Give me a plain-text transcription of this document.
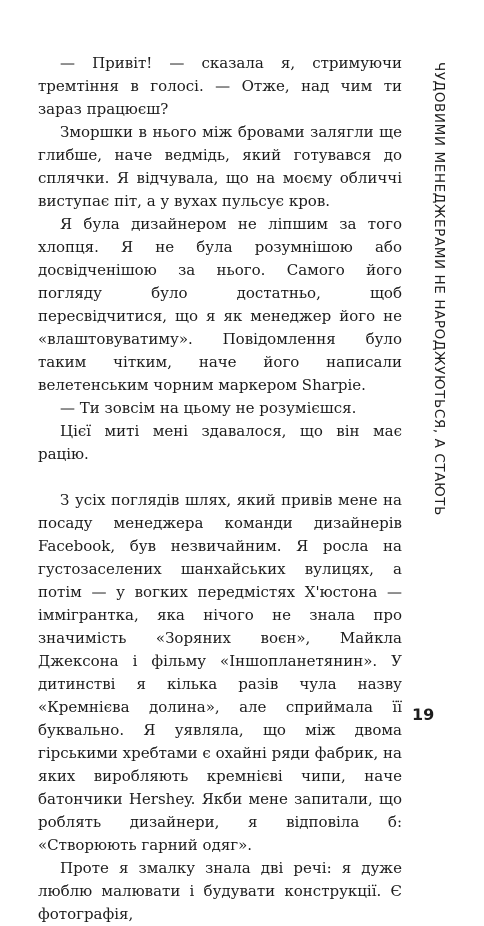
— Привіт! — сказала я, стримуючи тремтіння в голосі. — Отже, над чим ти зараз працюєш?

Зморшки в нього між бровами залягли ще глибше, наче ведмідь, який готувався до сплячки. Я відчувала, що на моєму обличчі виступає піт, а у вухах пульсує кров.

Я була дизайнером не ліпшим за того хлопця. Я не була розумнішою або досвідченішою за нього. Самого його погляду було достатньо, щоб пересвідчитися, що я як менеджер його не «влаштовуватиму». Повідомлення було таким чітким, наче його написали велетенським чорним маркером Sharpie.

— Ти зовсім на цьому не розумієшся.

Цієї миті мені здавалося, що він має рацію.

З усіх поглядів шлях, який привів мене на посаду менеджера команди дизайнерів Facebook, був незвичайним. Я росла на густозаселених шанхайських вулицях, а потім — у вогких передмістях Х'юстона — іммігрантка, яка нічого не знала про значимість «Зоряних воєн», Майкла Джексона і фільму «Іншопланетянин». У дитинстві я кілька разів чула назву «Кремнієва долина», але сприймала її буквально. Я уявляла, що між двома гірськими хребтами є охайні ряди фабрик, на яких виробляють кремнієві чипи, наче батончики Hershey. Якби мене запитали, що роблять дизайнери, я відповіла б: «Створюють гарний одяг».

Проте я змалку знала дві речі: я дуже люблю малювати і будувати конструкції. Є фотографія,

ЧУДОВИМИ МЕНЕДЖЕРАМИ НЕ НАРОДЖУЮТЬСЯ, А СТАЮТЬ
19
